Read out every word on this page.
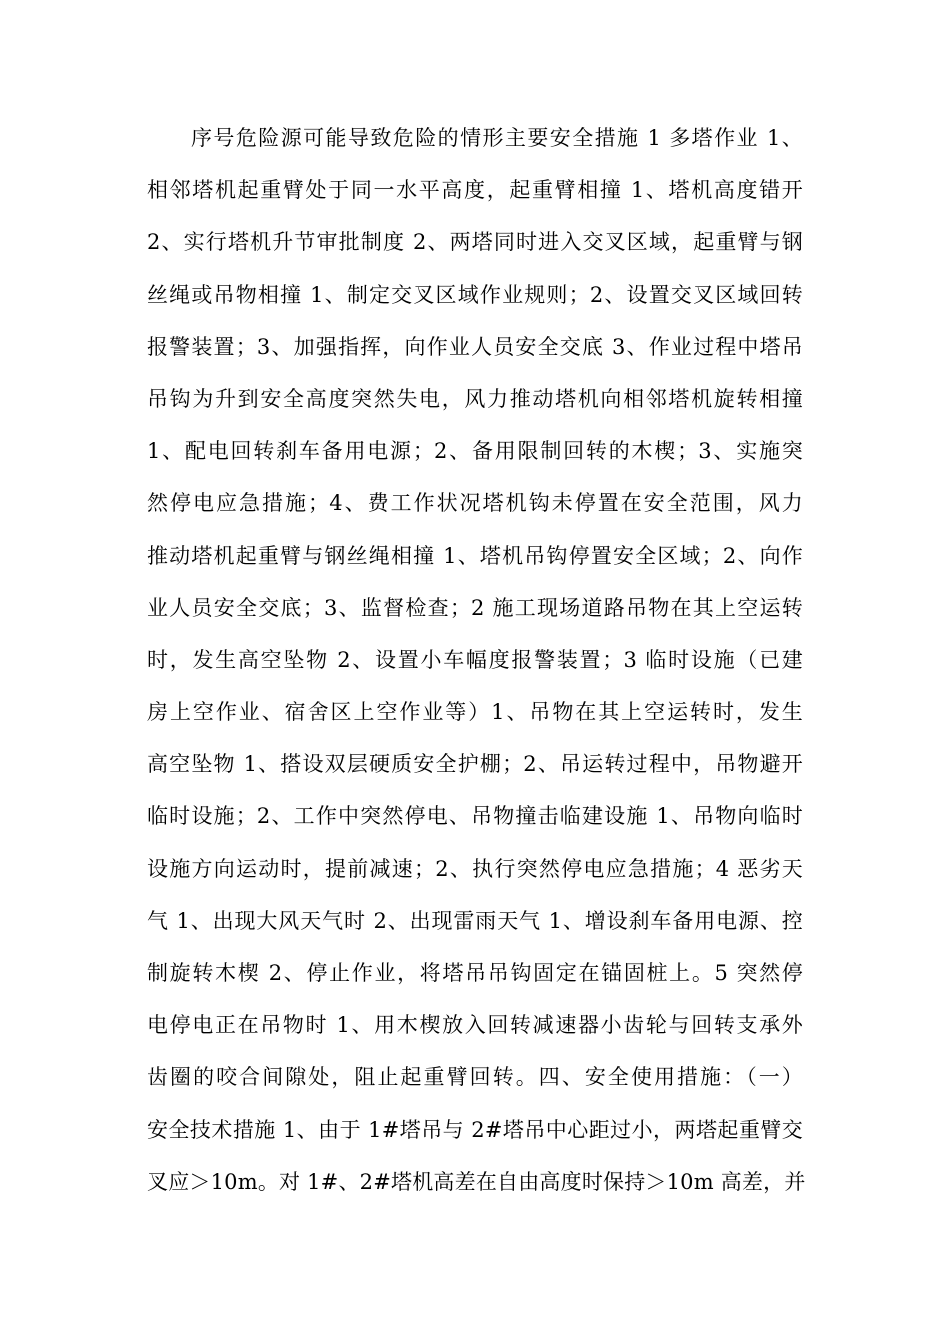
序号危险源可能导致危险的情形主要安全措施 1 多塔作业 1、
相邻塔机起重臂处于同一水平高度，起重臂相撞 1、塔机高度错开
2、实行塔机升节审批制度 2、两塔同时进入交叉区域，起重臂与钢
丝绳或吊物相撞 1、制定交叉区域作业规则；2、设置交叉区域回转
报警装置；3、加强指挥，向作业人员安全交底 3、作业过程中塔吊
吊钩为升到安全高度突然失电，风力推动塔机向相邻塔机旋转相撞
1、配电回转刹车备用电源；2、备用限制回转的木楔；3、实施突
然停电应急措施；4、费工作状况塔机钩未停置在安全范围，风力
推动塔机起重臂与钢丝绳相撞 1、塔机吊钩停置安全区域；2、向作
业人员安全交底；3、监督检查；2 施工现场道路吊物在其上空运转
时，发生高空坠物 2、设置小车幅度报警装置；3 临时设施（已建
房上空作业、宿舍区上空作业等）1、吊物在其上空运转时，发生
高空坠物 1、搭设双层硬质安全护棚；2、吊运转过程中，吊物避开
临时设施；2、工作中突然停电、吊物撞击临建设施 1、吊物向临时
设施方向运动时，提前减速；2、执行突然停电应急措施；4 恶劣天
气 1、出现大风天气时 2、出现雷雨天气 1、增设刹车备用电源、控
制旋转木楔 2、停止作业，将塔吊吊钩固定在锚固桩上。5 突然停
电停电正在吊物时 1、用木楔放入回转减速器小齿轮与回转支承外
齿圈的咬合间隙处，阻止起重臂回转。四、安全使用措施：（一）
安全技术措施 1、由于 1#塔吊与 2#塔吊中心距过小，两塔起重臂交
叉应＞10m。对 1#、2#塔机高差在自由高度时保持＞10m 高差，并
